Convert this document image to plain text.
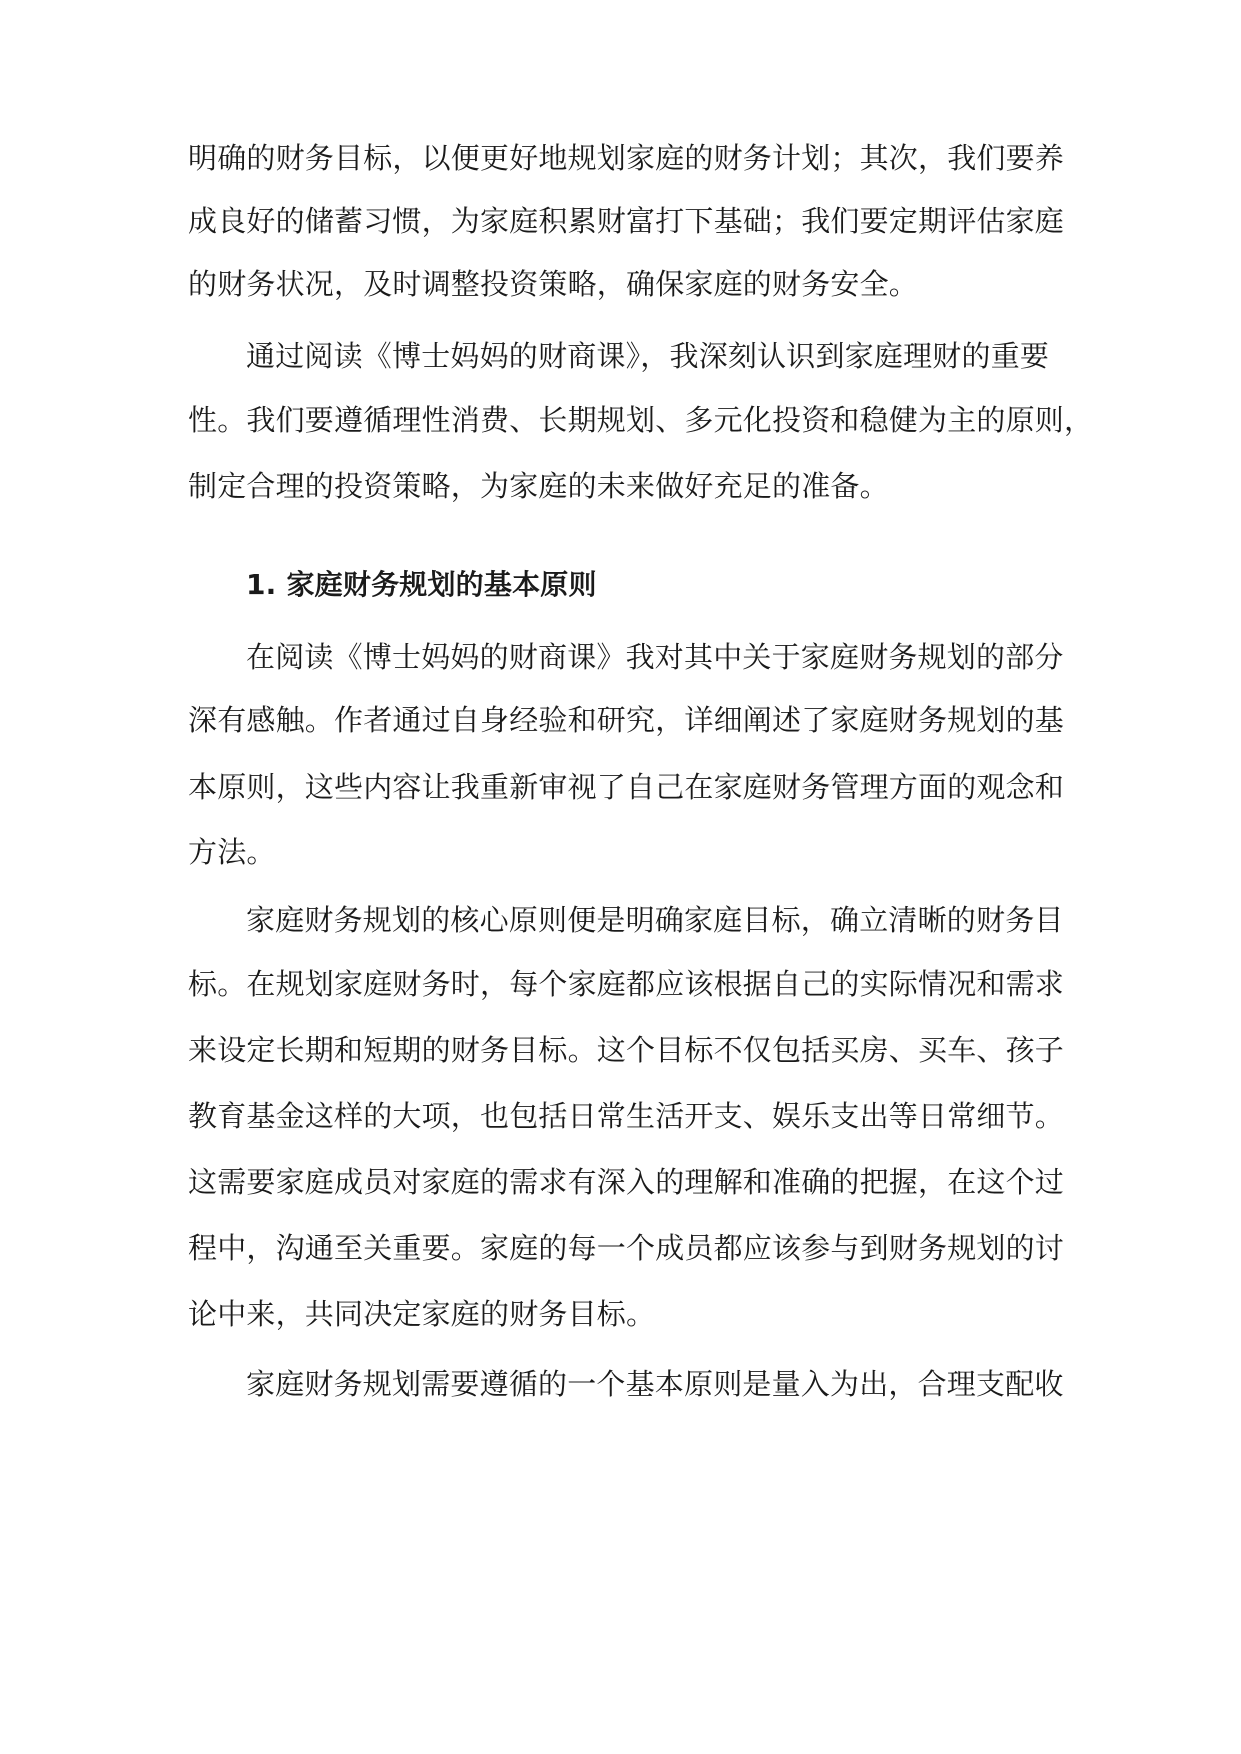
明确的财务目标，以便更好地规划家庭的财务计划；其次，我们要养

成良好的储蓄习惯，为家庭积累财富打下基础；我们要定期评估家庭

的财务状况，及时调整投资策略，确保家庭的财务安全。

通过阅读《博士妈妈的财商课》，我深刻认识到家庭理财的重要

性。我们要遵循理性消费、长期规划、多元化投资和稳健为主的原则，

制定合理的投资策略，为家庭的未来做好充足的准备。

1. 家庭财务规划的基本原则

在阅读《博士妈妈的财商课》我对其中关于家庭财务规划的部分

深有感触。作者通过自身经验和研究，详细阐述了家庭财务规划的基

本原则，这些内容让我重新审视了自己在家庭财务管理方面的观念和

方法。

家庭财务规划的核心原则便是明确家庭目标，确立清晰的财务目

标。在规划家庭财务时，每个家庭都应该根据自己的实际情况和需求

来设定长期和短期的财务目标。这个目标不仅包括买房、买车、孩子

教育基金这样的大项，也包括日常生活开支、娱乐支出等日常细节。

这需要家庭成员对家庭的需求有深入的理解和准确的把握，在这个过

程中，沟通至关重要。家庭的每一个成员都应该参与到财务规划的讨

论中来，共同决定家庭的财务目标。

家庭财务规划需要遵循的一个基本原则是量入为出，合理支配收
